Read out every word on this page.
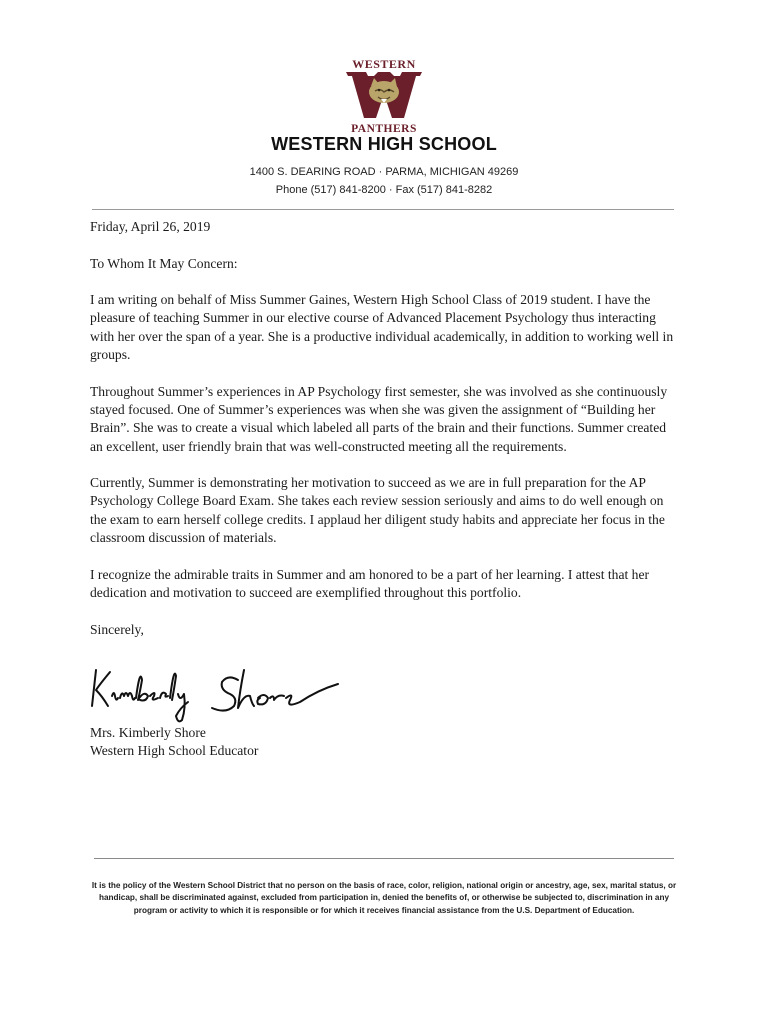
WESTERN
PANTHERS
WESTERN HIGH SCHOOL
1400 S. DEARING ROAD · PARMA, MICHIGAN 49269
Phone (517) 841-8200 · Fax (517) 841-8282

Friday, April 26, 2019

To Whom It May Concern:

I am writing on behalf of Miss Summer Gaines, Western High School Class of 2019 student. I have the pleasure of teaching Summer in our elective course of Advanced Placement Psychology thus interacting with her over the span of a year. She is a productive individual academically, in addition to working well in groups.

Throughout Summer’s experiences in AP Psychology first semester, she was involved as she continuously stayed focused. One of Summer’s experiences was when she was given the assignment of “Building her Brain”. She was to create a visual which labeled all parts of the brain and their functions. Summer created an excellent, user friendly brain that was well-constructed meeting all the requirements.

Currently, Summer is demonstrating her motivation to succeed as we are in full preparation for the AP Psychology College Board Exam. She takes each review session seriously and aims to do well enough on the exam to earn herself college credits. I applaud her diligent study habits and appreciate her focus in the classroom discussion of materials.

I recognize the admirable traits in Summer and am honored to be a part of her learning. I attest that her dedication and motivation to succeed are exemplified throughout this portfolio.

Sincerely,

Mrs. Kimberly Shore
Western High School Educator
It is the policy of the Western School District that no person on the basis of race, color, religion, national origin or ancestry, age, sex, marital status, or handicap, shall be discriminated against, excluded from participation in, denied the benefits of, or otherwise be subjected to, discrimination in any program or activity to which it is responsible or for which it receives financial assistance from the U.S. Department of Education.
